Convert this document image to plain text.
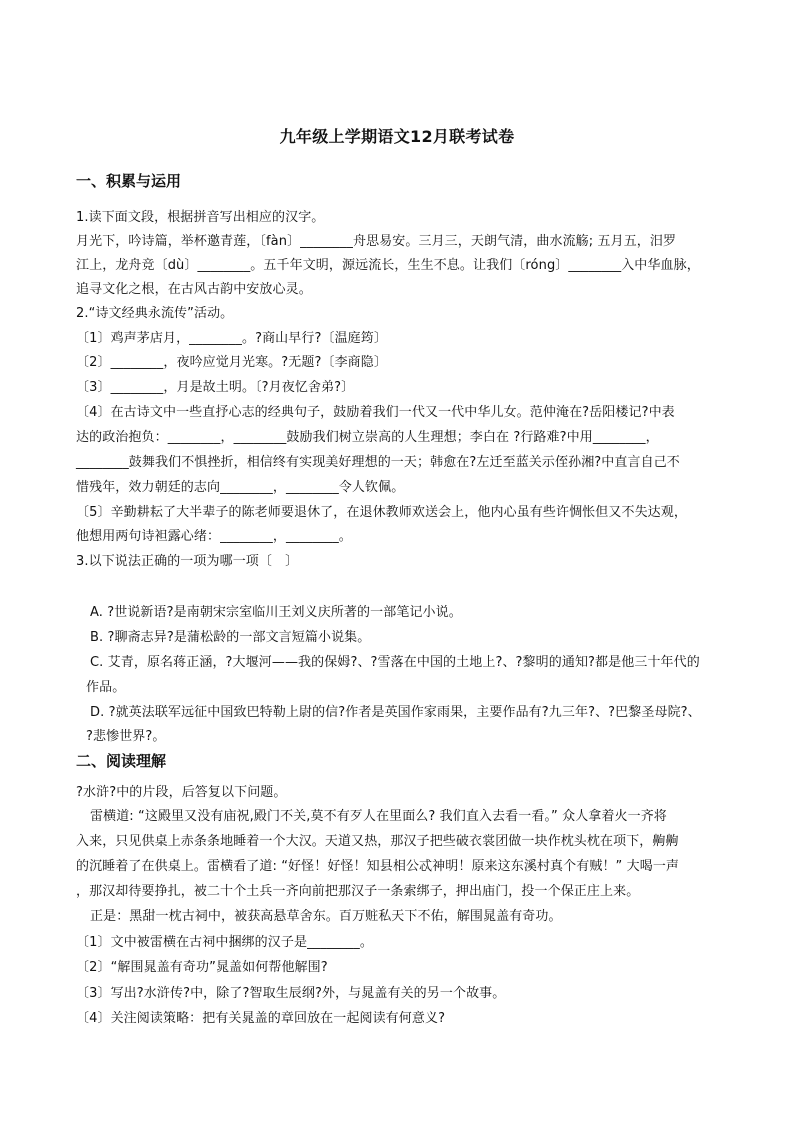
九年级上学期语文12月联考试卷
一、积累与运用
1.读下面文段，根据拼音写出相应的汉字。
月光下，吟诗篇，举杯邀青莲，〔fàn〕________舟思易安。三月三，天朗气清，曲水流觞; 五月五，汨罗
江上，龙舟竞〔dù〕________。五千年文明，源远流长，生生不息。让我们〔róng〕________入中华血脉，
追寻文化之根，在古风古韵中安放心灵。
2.“诗文经典永流传”活动。
〔1〕鸡声茅店月，________。?商山早行?〔温庭筠〕
〔2〕________，夜吟应觉月光寒。?无题?〔李商隐〕
〔3〕________，月是故土明。〔?月夜忆舍弟?〕
〔4〕在古诗文中一些直抒心志的经典句子，鼓励着我们一代又一代中华儿女。范仲淹在?岳阳楼记?中表
达的政治抱负：________，________鼓励我们树立崇高的人生理想；李白在 ?行路难?中用________，
________鼓舞我们不惧挫折，相信终有实现美好理想的一天；韩愈在?左迁至蓝关示侄孙湘?中直言自己不
惜残年，效力朝廷的志向________，________令人钦佩。
〔5〕辛勤耕耘了大半辈子的陈老师要退休了，在退休教师欢送会上，他内心虽有些许惆怅但又不失达观，
他想用两句诗袒露心绪：________，________。
3.以下说法正确的一项为哪一项〔　〕
A. ?世说新语?是南朝宋宗室临川王刘义庆所著的一部笔记小说。
B. ?聊斋志异?是蒲松龄的一部文言短篇小说集。
C. 艾青，原名蒋正涵，?大堰河——我的保姆?、?雪落在中国的土地上?、?黎明的通知?都是他三十年代的
作品。
D. ?就英法联军远征中国致巴特勒上尉的信?作者是英国作家雨果，主要作品有?九三年?、?巴黎圣母院?、
?悲惨世界?。
二、阅读理解
?水浒?中的片段，后答复以下问题。
雷横道: “这殿里又没有庙祝,殿门不关,莫不有歹人在里面么? 我们直入去看一看。” 众人拿着火一齐将
入来，只见供桌上赤条条地睡着一个大汉。天道又热，那汉子把些破衣裳团做一块作枕头枕在项下，齁齁
的沉睡着了在供桌上。雷横看了道: “好怪！好怪！知县相公忒神明！原来这东溪村真个有贼！” 大喝一声
，那汉却待要挣扎，被二十个土兵一齐向前把那汉子一条索绑子，押出庙门，投一个保正庄上来。
正是：黑甜一枕古祠中，被获高悬草舍东。百万赃私天下不佑，解围晁盖有奇功。
〔1〕文中被雷横在古祠中捆绑的汉子是________。
〔2〕“解围晁盖有奇功”晁盖如何帮他解围?
〔3〕写出?水浒传?中，除了?智取生辰纲?外，与晁盖有关的另一个故事。
〔4〕关注阅读策略：把有关晁盖的章回放在一起阅读有何意义?
